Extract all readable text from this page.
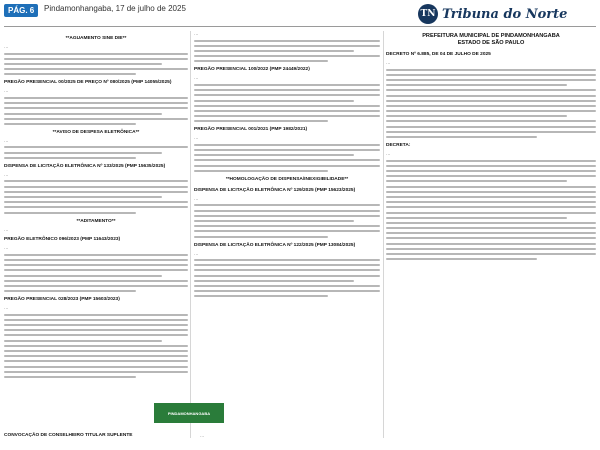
PÁG. 6	Pindamonhangaba, 17 de julho de 2025
TN Tribuna do Norte
**AGUAMENTO SINE DIE**
…
PREGÃO PRESENCIAL 00/2025 DE PREÇO Nº 080/2025 (PMP 14055/2025)
…
**AVISO DE DESPESA ELETRÔNICA**
…
DISPENSA DE LICITAÇÃO ELETRÔNICA Nº 133/2025 (PMP 15635/2025)
…
**ADITAMENTO**
…
PREGÃO ELETRÔNICO 096/2023 (PMP 11643/2023)
…
PREGÃO PRESENCIAL 028/2023 (PMP 15603/2023)
…
…
PREGÃO PRESENCIAL 100/2022 (PMP 24449/2022)
…
PREGÃO PRESENCIAL 001/2021 (PMP 1982/2021)
…
**HOMOLOGAÇÃO DE DISPENSA/INEXIGIBILIDADE**
DISPENSA DE LICITAÇÃO ELETRÔNICA Nº 129/2025 (PMP 15623/2025)
…
DISPENSA DE LICITAÇÃO ELETRÔNICA Nº 122/2025 (PMP 13084/2025)
…
PREFEITURA MUNICIPAL DE PINDAMONHANGABA
ESTADO DE SÃO PAULO
DECRETO Nº 6.885, DE 04 DE JULHO DE 2025
…
DECRETA:
…
PINDAMONHANGABA
CONVOCAÇÃO DE CONSELHEIRO TITULAR SUPLENTE	…
